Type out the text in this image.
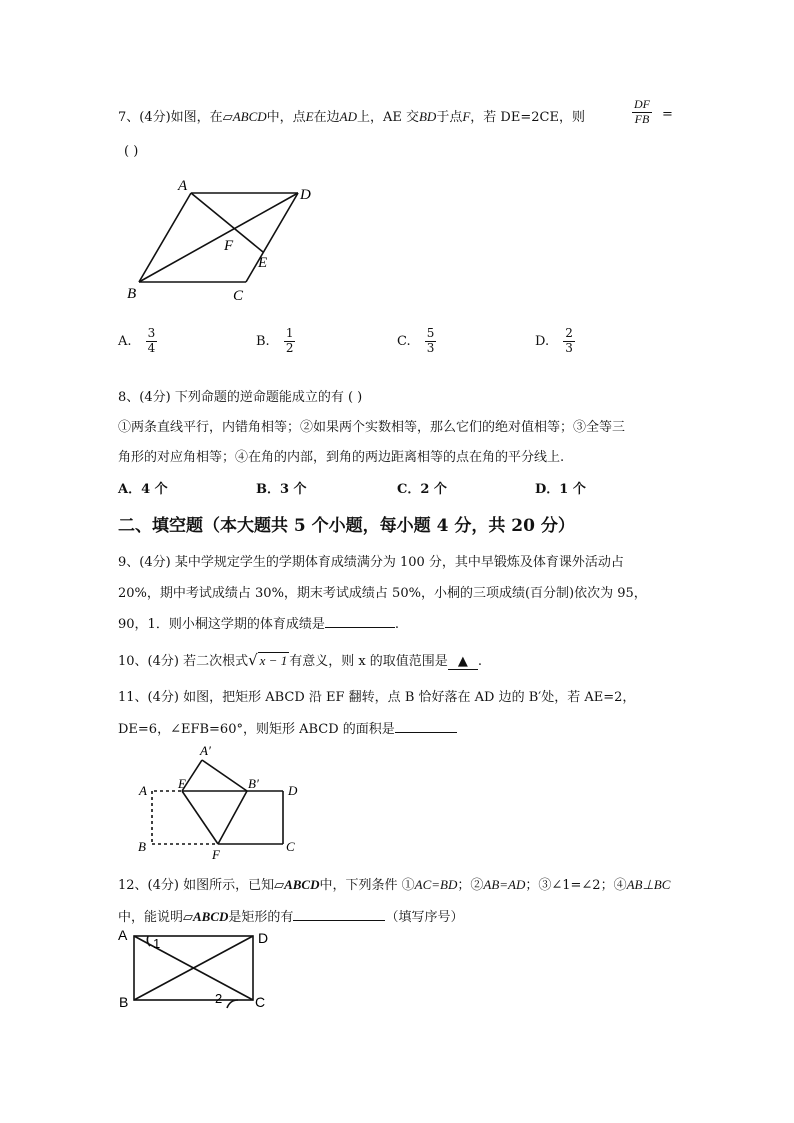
7、(4分)如图，在▱ABCD中，点E在边AD上，AE 交BD于点F，若 DE=2CE，则	$\frac{DF}{FB}$ =
( )
A
D
F
E
B	C
A. $\frac{3}{4}$	B. $\frac{1}{2}$	C. $\frac{5}{3}$	D. $\frac{2}{3}$
8、(4分) 下列命题的逆命题能成立的有 ( )
①两条直线平行，内错角相等；②如果两个实数相等，那么它们的绝对值相等；③全等三
角形的对应角相等；④在角的内部，到角的两边距离相等的点在角的平分线上.
A．4 个	B．3 个	C．2 个	D．1 个
二、填空题（本大题共 5 个小题，每小题 4 分，共 20 分）
9、(4分) 某中学规定学生的学期体育成绩满分为 100 分，其中早锻炼及体育课外活动占
20%，期中考试成绩占 30%，期末考试成绩占 50%，小桐的三项成绩(百分制)依次为 95，
90，1．则小桐这学期的体育成绩是	.
10、(4分) 若二次根式√ x − 1 有意义，则 x 的取值范围是 ▲ .
11、(4分) 如图，把矩形 ABCD 沿 EF 翻转，点 B 恰好落在 AD 边的 B′处，若 AE=2，
DE=6，∠EFB=60°，则矩形 ABCD 的面积是
A′
A E	B′ D
B
F
C
12、(4分) 如图所示，已知▱ABCD中，下列条件 ①AC=BD；②AB=AD；③∠1=∠2；④AB⊥BC
中，能说明▱ABCD是矩形的有	（填写序号）
A	D
B	C
1
2
